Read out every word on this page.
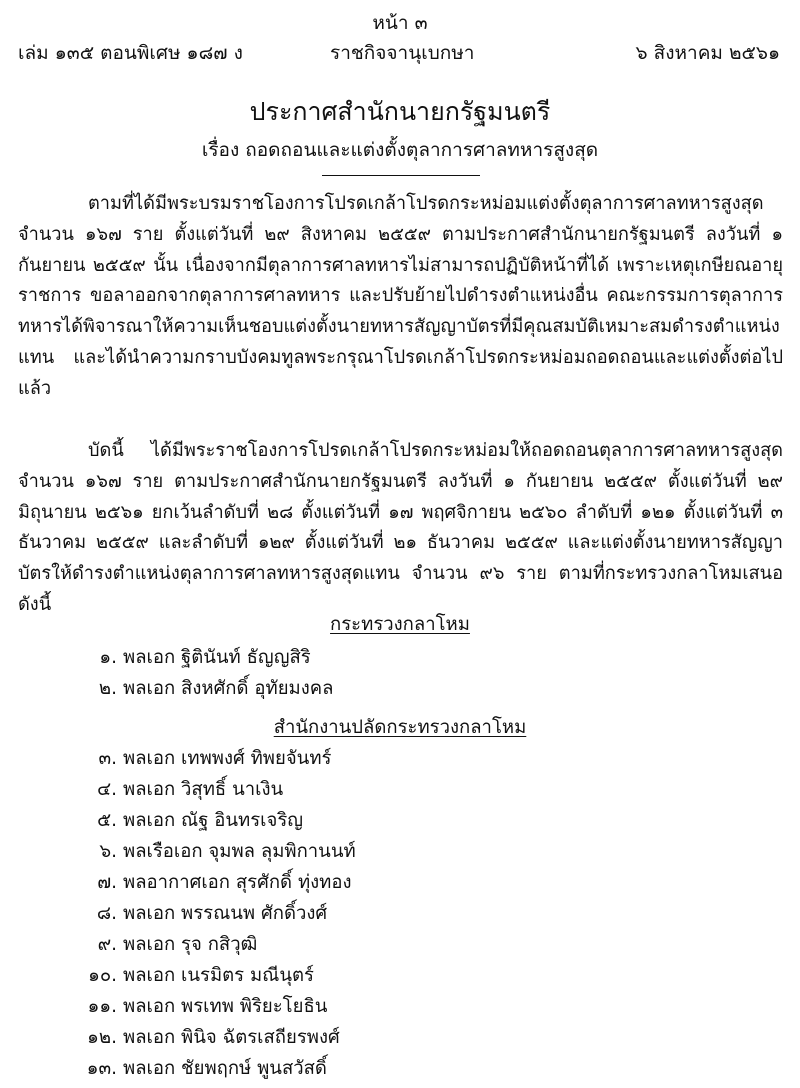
หน้า ๓
เล่ม ๑๓๕ ตอนพิเศษ ๑๘๗ ง	ราชกิจจานุเบกษา	๖ สิงหาคม ๒๕๖๑
ประกาศสำนักนายกรัฐมนตรี
เรื่อง ถอดถอนและแต่งตั้งตุลาการศาลทหารสูงสุด

ตามที่ได้มีพระบรมราชโองการโปรดเกล้าโปรดกระหม่อมแต่งตั้งตุลาการศาลทหารสูงสุด จำนวน ๑๖๗ ราย ตั้งแต่วันที่ ๒๙ สิงหาคม ๒๕๕๙ ตามประกาศสำนักนายกรัฐมนตรี ลงวันที่ ๑ กันยายน ๒๕๕๙ นั้น เนื่องจากมีตุลาการศาลทหารไม่สามารถปฏิบัติหน้าที่ได้ เพราะเหตุเกษียณอายุราชการ ขอลาออกจากตุลาการศาลทหาร และปรับย้ายไปดำรงตำแหน่งอื่น คณะกรรมการตุลาการทหารได้พิจารณาให้ความเห็นชอบแต่งตั้งนายทหารสัญญาบัตรที่มีคุณสมบัติเหมาะสมดำรงตำแหน่งแทน และได้นำความกราบบังคมทูลพระกรุณาโปรดเกล้าโปรดกระหม่อมถอดถอนและแต่งตั้งต่อไปแล้ว

บัดนี้ ได้มีพระราชโองการโปรดเกล้าโปรดกระหม่อมให้ถอดถอนตุลาการศาลทหารสูงสุด จำนวน ๑๖๗ ราย ตามประกาศสำนักนายกรัฐมนตรี ลงวันที่ ๑ กันยายน ๒๕๕๙ ตั้งแต่วันที่ ๒๙ มิถุนายน ๒๕๖๑ ยกเว้นลำดับที่ ๒๘ ตั้งแต่วันที่ ๑๗ พฤศจิกายน ๒๕๖๐ ลำดับที่ ๑๒๑ ตั้งแต่วันที่ ๓ ธันวาคม ๒๕๕๙ และลำดับที่ ๑๒๙ ตั้งแต่วันที่ ๒๑ ธันวาคม ๒๕๕๙ และแต่งตั้งนายทหารสัญญาบัตรให้ดำรงตำแหน่งตุลาการศาลทหารสูงสุดแทน จำนวน ๙๖ ราย ตามที่กระทรวงกลาโหมเสนอ ดังนี้

กระทรวงกลาโหม
๑. พลเอก ฐิตินันท์ ธัญญสิริ
๒. พลเอก สิงหศักดิ์ อุทัยมงคล
สำนักงานปลัดกระทรวงกลาโหม
๓. พลเอก เทพพงศ์ ทิพยจันทร์
๔. พลเอก วิสุทธิ์ นาเงิน
๕. พลเอก ณัฐ อินทรเจริญ
๖. พลเรือเอก จุมพล ลุมพิกานนท์
๗. พลอากาศเอก สุรศักดิ์ ทุ่งทอง
๘. พลเอก พรรณนพ ศักดิ์วงศ์
๙. พลเอก รุจ กสิวุฒิ
๑๐. พลเอก เนรมิตร มณีนุตร์
๑๑. พลเอก พรเทพ พิริยะโยธิน
๑๒. พลเอก พินิจ ฉัตรเสถียรพงศ์
๑๓. พลเอก ชัยพฤกษ์ พูนสวัสดิ์
